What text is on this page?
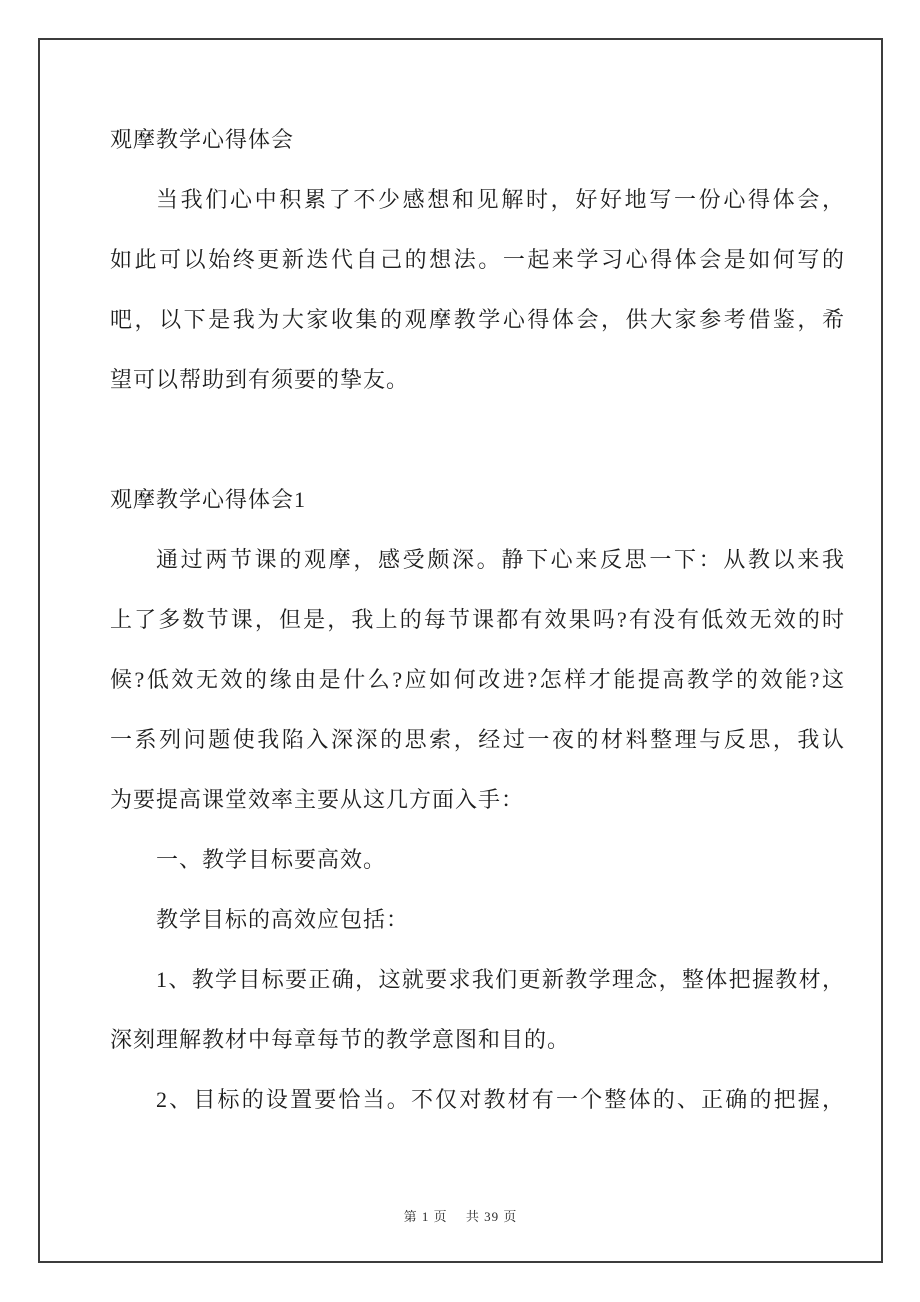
观摩教学心得体会
当我们心中积累了不少感想和见解时，好好地写一份心得体会，
如此可以始终更新迭代自己的想法。一起来学习心得体会是如何写的
吧，以下是我为大家收集的观摩教学心得体会，供大家参考借鉴，希
望可以帮助到有须要的挚友。
观摩教学心得体会1
通过两节课的观摩，感受颇深。静下心来反思一下：从教以来我
上了多数节课，但是，我上的每节课都有效果吗?有没有低效无效的时
候?低效无效的缘由是什么?应如何改进?怎样才能提高教学的效能?这
一系列问题使我陷入深深的思索，经过一夜的材料整理与反思，我认
为要提高课堂效率主要从这几方面入手：
一、教学目标要高效。
教学目标的高效应包括：
1、教学目标要正确，这就要求我们更新教学理念，整体把握教材，
深刻理解教材中每章每节的教学意图和目的。
2、目标的设置要恰当。不仅对教材有一个整体的、正确的把握，
第 1 页 共 39 页
